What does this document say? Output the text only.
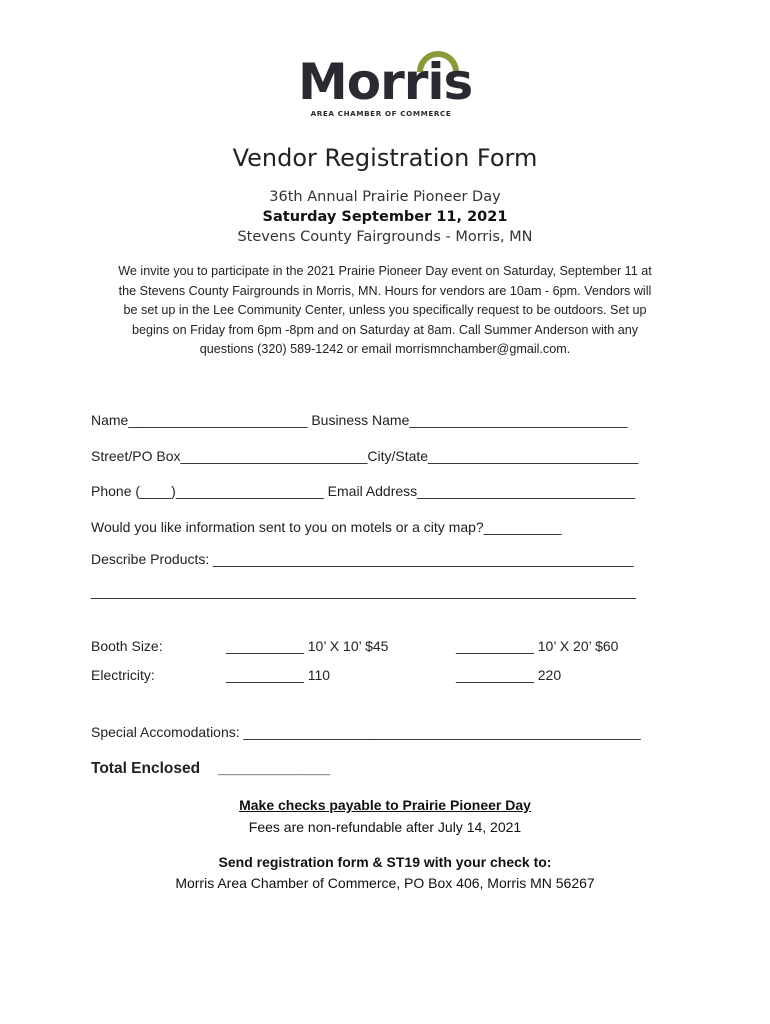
Morris
AREA CHAMBER OF COMMERCE
Vendor Registration Form
36th Annual Prairie Pioneer Day
Saturday September 11, 2021
Stevens County Fairgrounds - Morris, MN
We invite you to participate in the 2021 Prairie Pioneer Day event on Saturday, September 11 at
the Stevens County Fairgrounds in Morris, MN. Hours for vendors are 10am - 6pm. Vendors will
be set up in the Lee Community Center, unless you specifically request to be outdoors. Set up
begins on Friday from 6pm -8pm and on Saturday at 8am. Call Summer Anderson with any
questions (320) 589-1242 or email morrismnchamber@gmail.com.
Name_______________________ Business Name____________________________
Street/PO Box________________________City/State___________________________
Phone (____)___________________ Email Address____________________________
Would you like information sent to you on motels or a city map?__________
Describe Products: ______________________________________________________
______________________________________________________________________
Booth Size:	__________ 10’ X 10’ $45	__________ 10’ X 20’ $60
Electricity:	__________ 110	__________ 220
Special Accomodations: ___________________________________________________
Total Enclosed _____________
Make checks payable to Prairie Pioneer Day
Fees are non-refundable after July 14, 2021
Send registration form & ST19 with your check to:
Morris Area Chamber of Commerce, PO Box 406, Morris MN 56267
